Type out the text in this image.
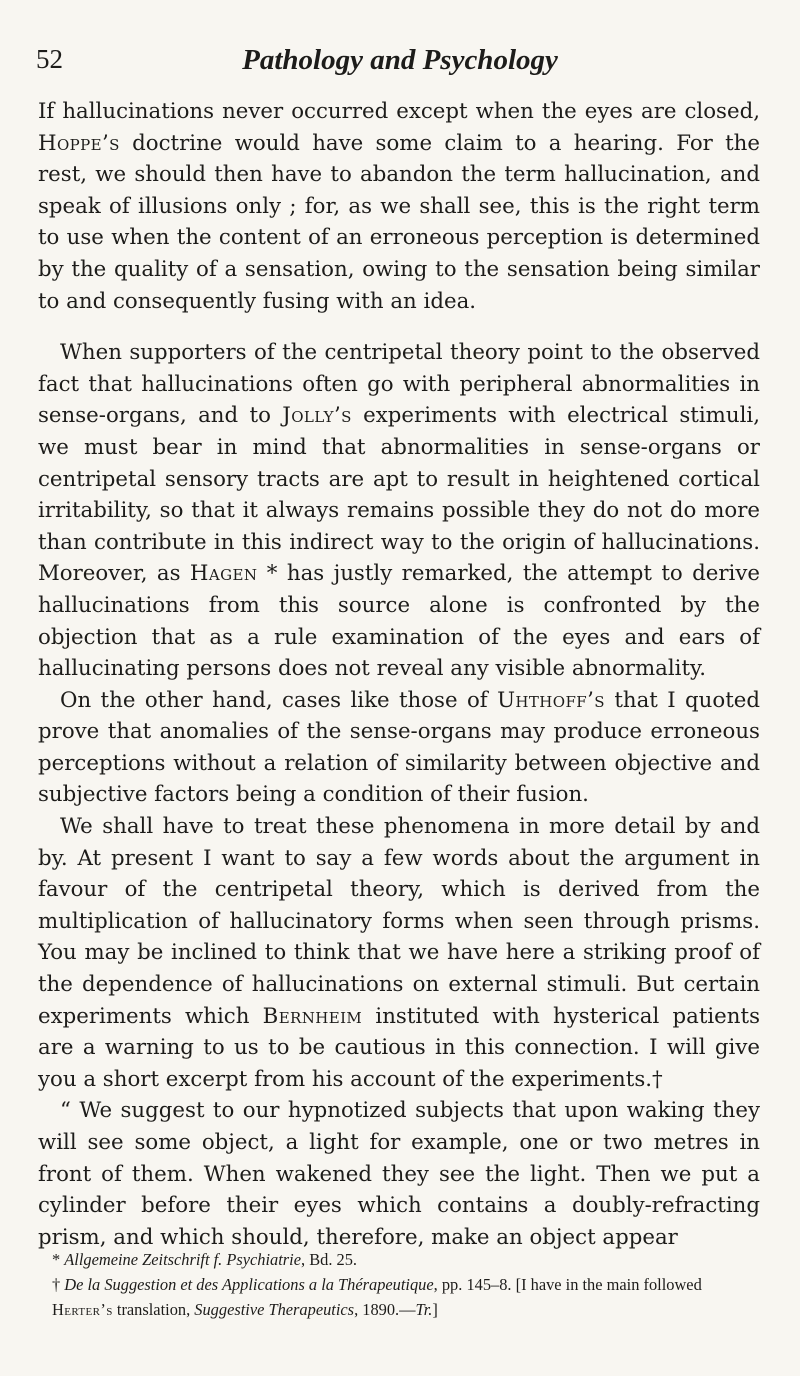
52	Pathology and Psychology

If hallucinations never occurred except when the eyes are closed, Hoppe’s doctrine would have some claim to a hearing. For the rest, we should then have to abandon the term hallucination, and speak of illusions only ; for, as we shall see, this is the right term to use when the content of an erroneous perception is determined by the quality of a sensation, owing to the sensation being similar to and consequently fusing with an idea.

When supporters of the centripetal theory point to the observed fact that hallucinations often go with peripheral abnormalities in sense-organs, and to Jolly’s experiments with electrical stimuli, we must bear in mind that abnormalities in sense-organs or centripetal sensory tracts are apt to result in heightened cortical irritability, so that it always remains possible they do not do more than contribute in this indirect way to the origin of hallucinations. Moreover, as Hagen * has justly remarked, the attempt to derive hallucinations from this source alone is confronted by the objection that as a rule examination of the eyes and ears of hallucinating persons does not reveal any visible abnormality.

On the other hand, cases like those of Uhthoff’s that I quoted prove that anomalies of the sense-organs may produce erroneous perceptions without a relation of similarity between objective and subjective factors being a condition of their fusion.

We shall have to treat these phenomena in more detail by and by. At present I want to say a few words about the argument in favour of the centripetal theory, which is derived from the multiplication of hallucinatory forms when seen through prisms. You may be inclined to think that we have here a striking proof of the dependence of hallucinations on external stimuli. But certain experiments which Bernheim instituted with hysterical patients are a warning to us to be cautious in this connection. I will give you a short excerpt from his account of the experiments.†

“ We suggest to our hypnotized subjects that upon waking they will see some object, a light for example, one or two metres in front of them. When wakened they see the light. Then we put a cylinder before their eyes which contains a doubly-refracting prism, and which should, therefore, make an object appear

* Allgemeine Zeitschrift f. Psychiatrie, Bd. 25.

† De la Suggestion et des Applications a la Thérapeutique, pp. 145–8. [I have in the main followed Herter’s translation, Suggestive Therapeutics, 1890.—Tr.]
